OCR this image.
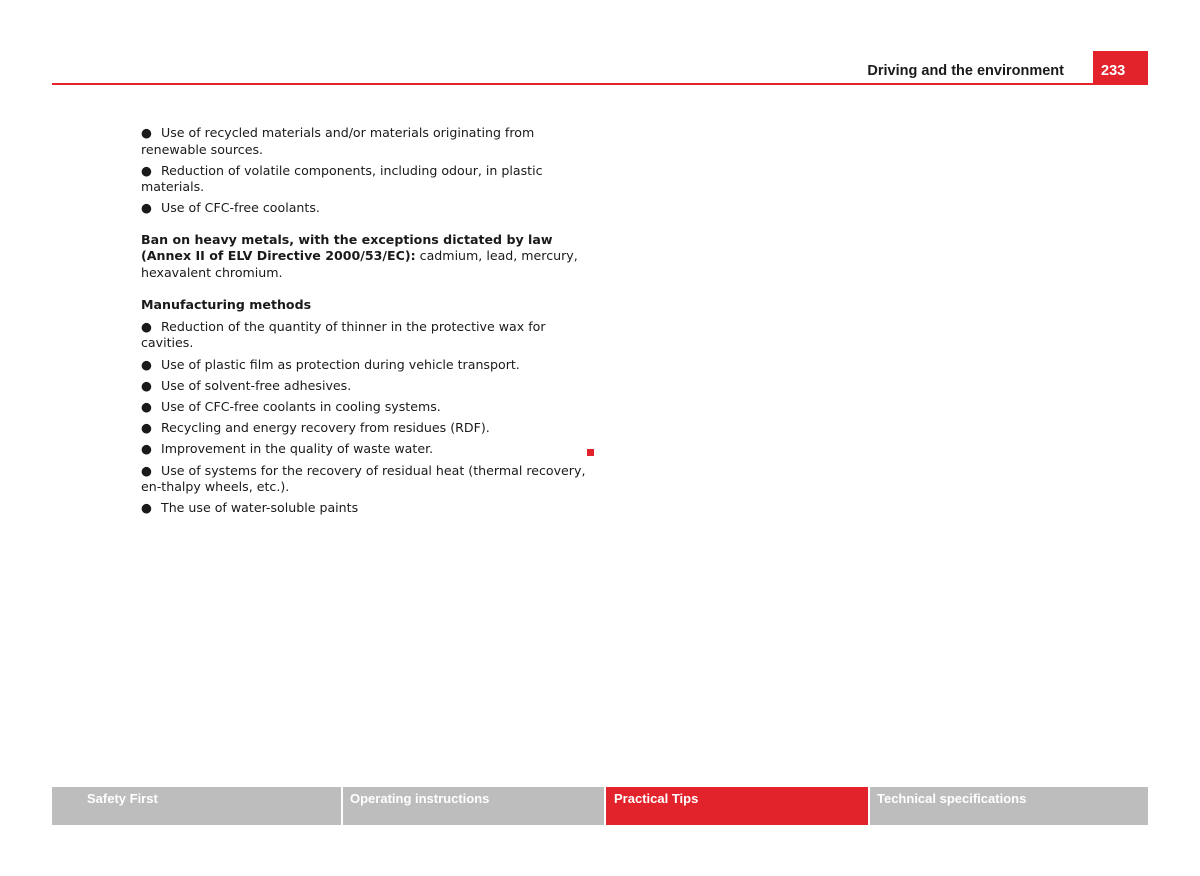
Driving and the environment	233
● Use of recycled materials and/or materials originating from renewable sources.
● Reduction of volatile components, including odour, in plastic materials.
● Use of CFC-free coolants.
Ban on heavy metals, with the exceptions dictated by law (Annex II of ELV Directive 2000/53/EC): cadmium, lead, mercury, hexavalent chromium.
Manufacturing methods
● Reduction of the quantity of thinner in the protective wax for cavities.
● Use of plastic film as protection during vehicle transport.
● Use of solvent-free adhesives.
● Use of CFC-free coolants in cooling systems.
● Recycling and energy recovery from residues (RDF).
● Improvement in the quality of waste water.
● Use of systems for the recovery of residual heat (thermal recovery, en-thalpy wheels, etc.).
● The use of water-soluble paints
Safety First	Operating instructions	Practical Tips	Technical specifications
